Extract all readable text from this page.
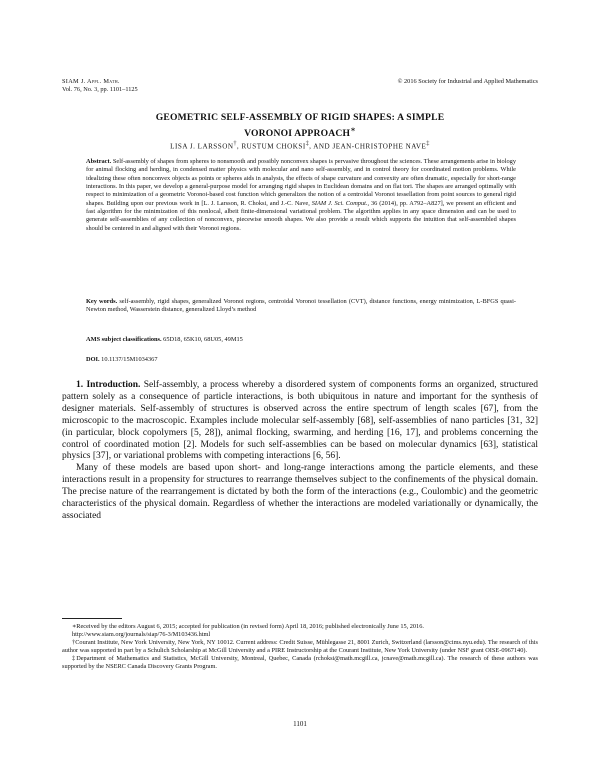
SIAM J. Appl. Math.
Vol. 76, No. 3, pp. 1101–1125
© 2016 Society for Industrial and Applied Mathematics
GEOMETRIC SELF-ASSEMBLY OF RIGID SHAPES: A SIMPLE
VORONOI APPROACH∗
LISA J. LARSSON†, RUSTUM CHOKSI‡, AND JEAN-CHRISTOPHE NAVE‡
Abstract. Self-assembly of shapes from spheres to nonsmooth and possibly nonconvex shapes is pervasive throughout the sciences. These arrangements arise in biology for animal flocking and herding, in condensed matter physics with molecular and nano self-assembly, and in control theory for coordinated motion problems. While idealizing these often nonconvex objects as points or spheres aids in analysis, the effects of shape curvature and convexity are often dramatic, especially for short-range interactions. In this paper, we develop a general-purpose model for arranging rigid shapes in Euclidean domains and on flat tori. The shapes are arranged optimally with respect to minimization of a geometric Voronoi-based cost function which generalizes the notion of a centroidal Voronoi tessellation from point sources to general rigid shapes. Building upon our previous work in [L. J. Larsson, R. Choksi, and J.-C. Nave, SIAM J. Sci. Comput., 36 (2014), pp. A792–A827], we present an efficient and fast algorithm for the minimization of this nonlocal, albeit finite-dimensional variational problem. The algorithm applies in any space dimension and can be used to generate self-assemblies of any collection of nonconvex, piecewise smooth shapes. We also provide a result which supports the intuition that self-assembled shapes should be centered in and aligned with their Voronoi regions.
Key words. self-assembly, rigid shapes, generalized Voronoi regions, centroidal Voronoi tessellation (CVT), distance functions, energy minimization, L-BFGS quasi-Newton method, Wasserstein distance, generalized Lloyd’s method
AMS subject classifications. 65D18, 65K10, 68U05, 49M15
DOI. 10.1137/15M1034367

1. Introduction. Self-assembly, a process whereby a disordered system of components forms an organized, structured pattern solely as a consequence of particle interactions, is both ubiquitous in nature and important for the synthesis of designer materials. Self-assembly of structures is observed across the entire spectrum of length scales [67], from the microscopic to the macroscopic. Examples include molecular self-assembly [68], self-assemblies of nano particles [31, 32] (in particular, block copolymers [5, 28]), animal flocking, swarming, and herding [16, 17], and problems concerning the control of coordinated motion [2]. Models for such self-assemblies can be based on molecular dynamics [63], statistical physics [37], or variational problems with competing interactions [6, 56].

Many of these models are based upon short- and long-range interactions among the particle elements, and these interactions result in a propensity for structures to rearrange themselves subject to the confinements of the physical domain. The precise nature of the rearrangement is dictated by both the form of the interactions (e.g., Coulombic) and the geometric characteristics of the physical domain. Regardless of whether the interactions are modeled variationally or dynamically, the associated

∗Received by the editors August 6, 2015; accepted for publication (in revised form) April 18, 2016; published electronically June 15, 2016.

http://www.siam.org/journals/siap/76-3/M103436.html

†Courant Institute, New York University, New York, NY 10012. Current address: Credit Suisse, Mühlegasse 21, 8001 Zurich, Switzerland (larsson@cims.nyu.edu). The research of this author was supported in part by a Schulich Scholarship at McGill University and a PIRE Instructorship at the Courant Institute, New York University (under NSF grant OISE-0967140).

‡Department of Mathematics and Statistics, McGill University, Montreal, Quebec, Canada (rchoksi@math.mcgill.ca, jcnave@math.mcgill.ca). The research of these authors was supported by the NSERC Canada Discovery Grants Program.

1101
